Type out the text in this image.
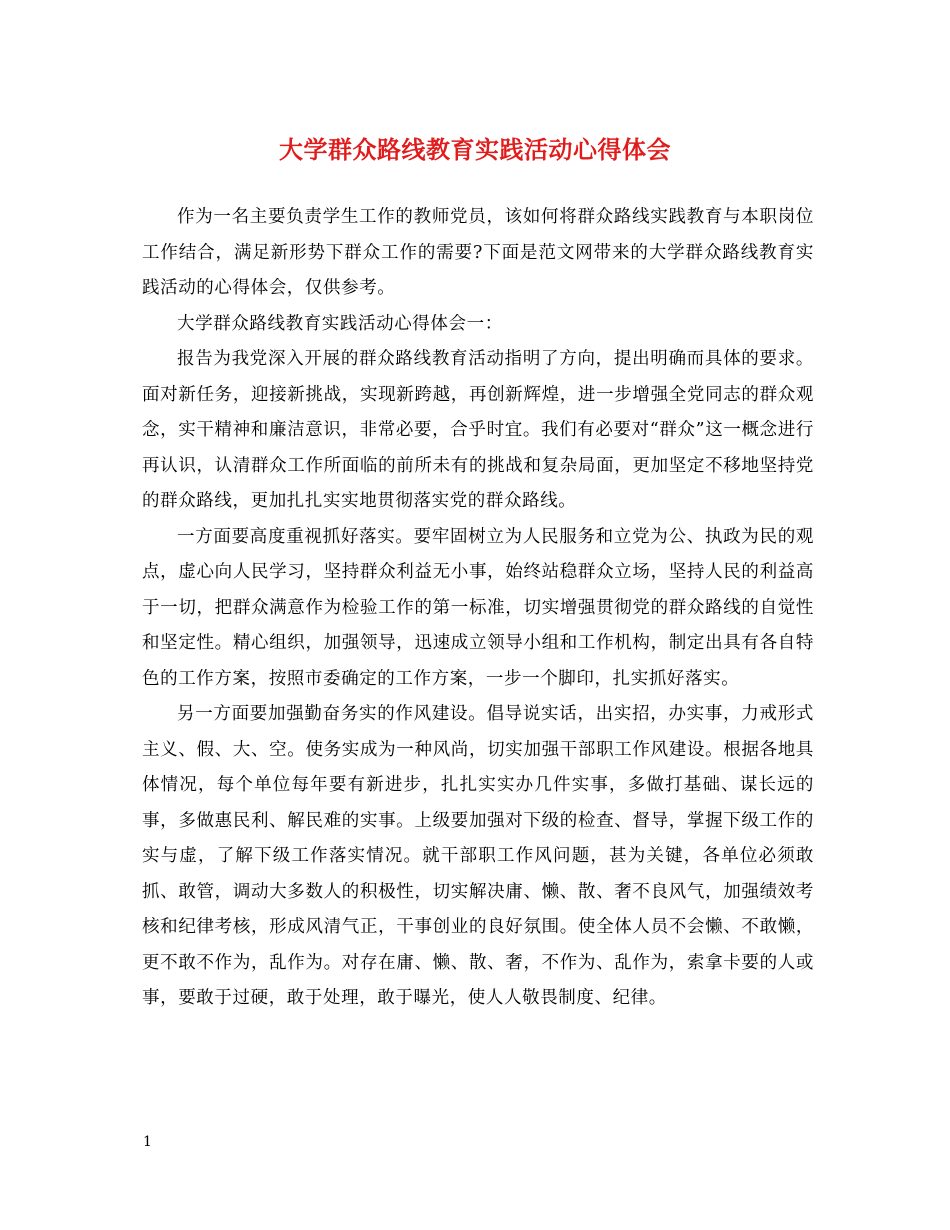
大学群众路线教育实践活动心得体会

作为一名主要负责学生工作的教师党员，该如何将群众路线实践教育与本职岗位工作结合，满足新形势下群众工作的需要?下面是范文网带来的大学群众路线教育实践活动的心得体会，仅供参考。

大学群众路线教育实践活动心得体会一：

报告为我党深入开展的群众路线教育活动指明了方向，提出明确而具体的要求。面对新任务，迎接新挑战，实现新跨越，再创新辉煌，进一步增强全党同志的群众观念，实干精神和廉洁意识，非常必要，合乎时宜。我们有必要对“群众”这一概念进行再认识，认清群众工作所面临的前所未有的挑战和复杂局面，更加坚定不移地坚持党的群众路线，更加扎扎实实地贯彻落实党的群众路线。

一方面要高度重视抓好落实。要牢固树立为人民服务和立党为公、执政为民的观点，虚心向人民学习，坚持群众利益无小事，始终站稳群众立场，坚持人民的利益高于一切，把群众满意作为检验工作的第一标准，切实增强贯彻党的群众路线的自觉性和坚定性。精心组织，加强领导，迅速成立领导小组和工作机构，制定出具有各自特色的工作方案，按照市委确定的工作方案，一步一个脚印，扎实抓好落实。

另一方面要加强勤奋务实的作风建设。倡导说实话，出实招，办实事，力戒形式主义、假、大、空。使务实成为一种风尚，切实加强干部职工作风建设。根据各地具体情况，每个单位每年要有新进步，扎扎实实办几件实事，多做打基础、谋长远的事，多做惠民利、解民难的实事。上级要加强对下级的检查、督导，掌握下级工作的实与虚，了解下级工作落实情况。就干部职工作风问题，甚为关键，各单位必须敢抓、敢管，调动大多数人的积极性，切实解决庸、懒、散、奢不良风气，加强绩效考核和纪律考核，形成风清气正，干事创业的良好氛围。使全体人员不会懒、不敢懒，更不敢不作为，乱作为。对存在庸、懒、散、奢，不作为、乱作为，索拿卡要的人或事，要敢于过硬，敢于处理，敢于曝光，使人人敬畏制度、纪律。

1
